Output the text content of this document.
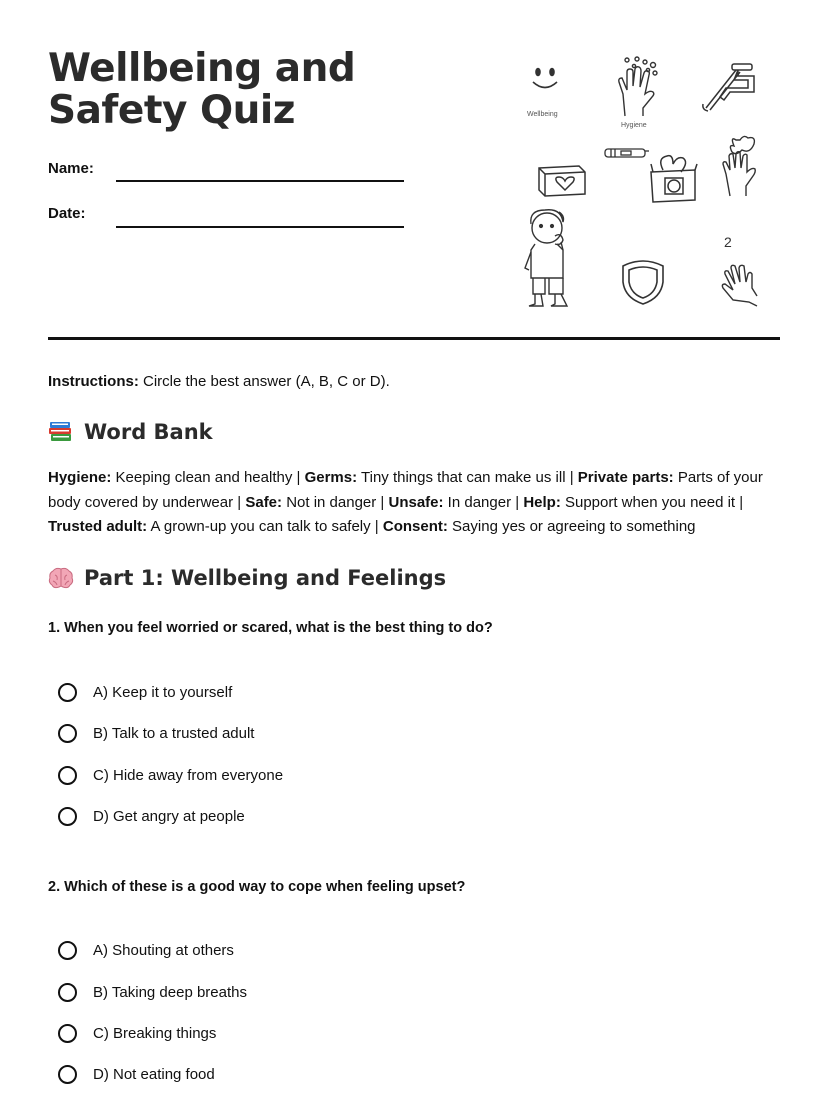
Wellbeing and Safety Quiz
Name:
Date:
Wellbeing
Hygiene
2
Instructions: Circle the best answer (A, B, C or D).
Word Bank
Hygiene: Keeping clean and healthy | Germs: Tiny things that can make us ill | Private parts: Parts of your body covered by underwear | Safe: Not in danger | Unsafe: In danger | Help: Support when you need it | Trusted adult: A grown-up you can talk to safely | Consent: Saying yes or agreeing to something
Part 1: Wellbeing and Feelings
1. When you feel worried or scared, what is the best thing to do?
A) Keep it to yourself
B) Talk to a trusted adult
C) Hide away from everyone
D) Get angry at people
2. Which of these is a good way to cope when feeling upset?
A) Shouting at others
B) Taking deep breaths
C) Breaking things
D) Not eating food
